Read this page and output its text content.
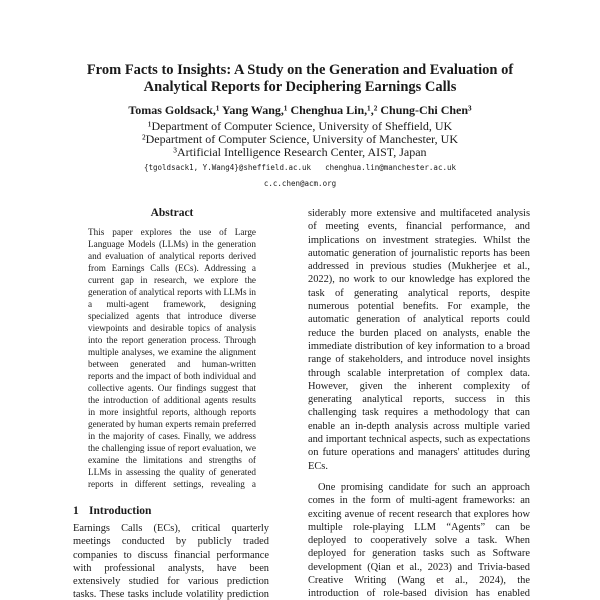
From Facts to Insights: A Study on the Generation and Evaluation of Analytical Reports for Deciphering Earnings Calls
Tomas Goldsack,¹ Yang Wang,¹ Chenghua Lin,¹,² Chung-Chi Chen³
¹Department of Computer Science, University of Sheffield, UK
²Department of Computer Science, University of Manchester, UK
³Artificial Intelligence Research Center, AIST, Japan
{tgoldsack1, Y.Wang4}@sheffield.ac.uk chenghua.lin@manchester.ac.uk
c.c.chen@acm.org
Abstract
This paper explores the use of Large Language Models (LLMs) in the generation and evaluation of analytical reports derived from Earnings Calls (ECs). Addressing a current gap in research, we explore the generation of analytical reports with LLMs in a multi-agent framework, designing specialized agents that introduce diverse viewpoints and desirable topics of analysis into the report generation process. Through multiple analyses, we examine the alignment between generated and human-written reports and the impact of both individual and collective agents. Our findings suggest that the introduction of additional agents results in more insightful reports, although reports generated by human experts remain preferred in the majority of cases. Finally, we address the challenging issue of report evaluation, we examine the limitations and strengths of LLMs in assessing the quality of generated reports in different settings, revealing a
1 Introduction
Earnings Calls (ECs), critical quarterly meetings conducted by publicly traded companies to discuss financial performance with professional analysts, have been extensively studied for various prediction tasks. These tasks include volatility prediction

siderably more extensive and multifaceted analysis of meeting events, financial performance, and implications on investment strategies. Whilst the automatic generation of journalistic reports has been addressed in previous studies (Mukherjee et al., 2022), no work to our knowledge has explored the task of generating analytical reports, despite numerous potential benefits. For example, the automatic generation of analytical reports could reduce the burden placed on analysts, enable the immediate distribution of key information to a broad range of stakeholders, and introduce novel insights through scalable interpretation of complex data. However, given the inherent complexity of generating analytical reports, success in this challenging task requires a methodology that can enable an in-depth analysis across multiple varied and important technical aspects, such as expectations on future operations and managers' attitudes during ECs.

One promising candidate for such an approach comes in the form of multi-agent frameworks: an exciting avenue of recent research that explores how multiple role-playing LLM “Agents” can be deployed to cooperatively solve a task. When deployed for generation tasks such as Software development (Qian et al., 2023) and Trivia-based Creative Writing (Wang et al., 2024), the introduction of role-based division has enabled
